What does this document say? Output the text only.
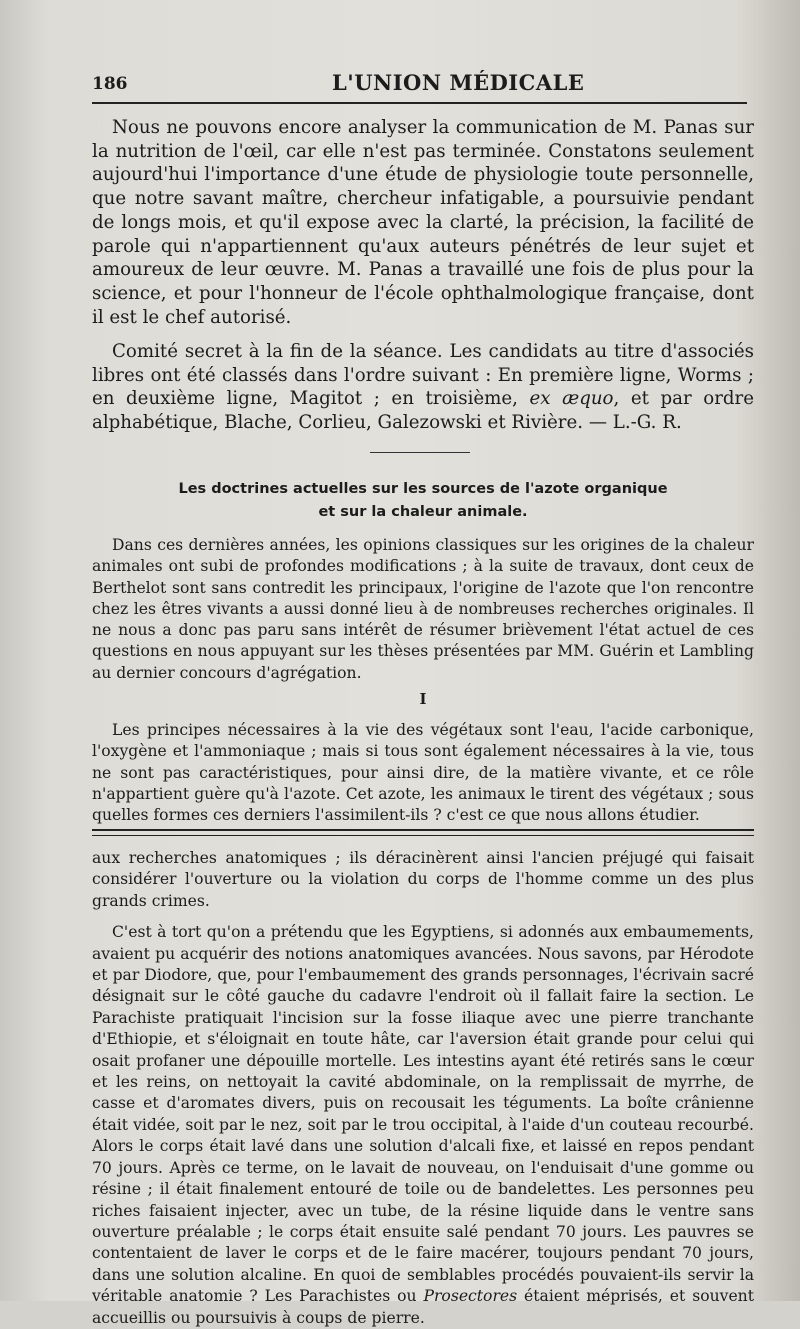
186	L'UNION MÉDICALE

Nous ne pouvons encore analyser la communication de M. Panas sur la nutrition de l'œil, car elle n'est pas terminée. Constatons seulement aujourd'hui l'importance d'une étude de physiologie toute personnelle, que notre savant maître, chercheur infatigable, a poursuivie pendant de longs mois, et qu'il expose avec la clarté, la précision, la facilité de parole qui n'appartiennent qu'aux auteurs pénétrés de leur sujet et amoureux de leur œuvre. M. Panas a travaillé une fois de plus pour la science, et pour l'honneur de l'école ophthalmologique française, dont il est le chef autorisé.

Comité secret à la fin de la séance. Les candidats au titre d'associés libres ont été classés dans l'ordre suivant : En première ligne, Worms ; en deuxième ligne, Magitot ; en troisième, ex æquo, et par ordre alphabétique, Blache, Corlieu, Galezowski et Rivière. — L.-G. R.

Les doctrines actuelles sur les sources de l'azote organique
et sur la chaleur animale.

Dans ces dernières années, les opinions classiques sur les origines de la chaleur animales ont subi de profondes modifications ; à la suite de travaux, dont ceux de Berthelot sont sans contredit les principaux, l'origine de l'azote que l'on rencontre chez les êtres vivants a aussi donné lieu à de nombreuses recherches originales. Il ne nous a donc pas paru sans intérêt de résumer brièvement l'état actuel de ces questions en nous appuyant sur les thèses présentées par MM. Guérin et Lambling au dernier concours d'agrégation.

I

Les principes nécessaires à la vie des végétaux sont l'eau, l'acide carbonique, l'oxygène et l'ammoniaque ; mais si tous sont également nécessaires à la vie, tous ne sont pas caractéristiques, pour ainsi dire, de la matière vivante, et ce rôle n'appartient guère qu'à l'azote. Cet azote, les animaux le tirent des végétaux ; sous quelles formes ces derniers l'assimilent-ils ? c'est ce que nous allons étudier.

aux recherches anatomiques ; ils déracinèrent ainsi l'ancien préjugé qui faisait considérer l'ouverture ou la violation du corps de l'homme comme un des plus grands crimes.

C'est à tort qu'on a prétendu que les Egyptiens, si adonnés aux embaumements, avaient pu acquérir des notions anatomiques avancées. Nous savons, par Hérodote et par Diodore, que, pour l'embaumement des grands personnages, l'écrivain sacré désignait sur le côté gauche du cadavre l'endroit où il fallait faire la section. Le Parachiste pratiquait l'incision sur la fosse iliaque avec une pierre tranchante d'Ethiopie, et s'éloignait en toute hâte, car l'aversion était grande pour celui qui osait profaner une dépouille mortelle. Les intestins ayant été retirés sans le cœur et les reins, on nettoyait la cavité abdominale, on la remplissait de myrrhe, de casse et d'aromates divers, puis on recousait les téguments. La boîte crânienne était vidée, soit par le nez, soit par le trou occipital, à l'aide d'un couteau recourbé. Alors le corps était lavé dans une solution d'alcali fixe, et laissé en repos pendant 70 jours. Après ce terme, on le lavait de nouveau, on l'enduisait d'une gomme ou résine ; il était finalement entouré de toile ou de bandelettes. Les personnes peu riches faisaient injecter, avec un tube, de la résine liquide dans le ventre sans ouverture préalable ; le corps était ensuite salé pendant 70 jours. Les pauvres se contentaient de laver le corps et de le faire macérer, toujours pendant 70 jours, dans une solution alcaline. En quoi de semblables procédés pouvaient-ils servir la véritable anatomie ? Les Parachistes ou Prosectores étaient méprisés, et souvent accueillis ou poursuivis à coups de pierre.
